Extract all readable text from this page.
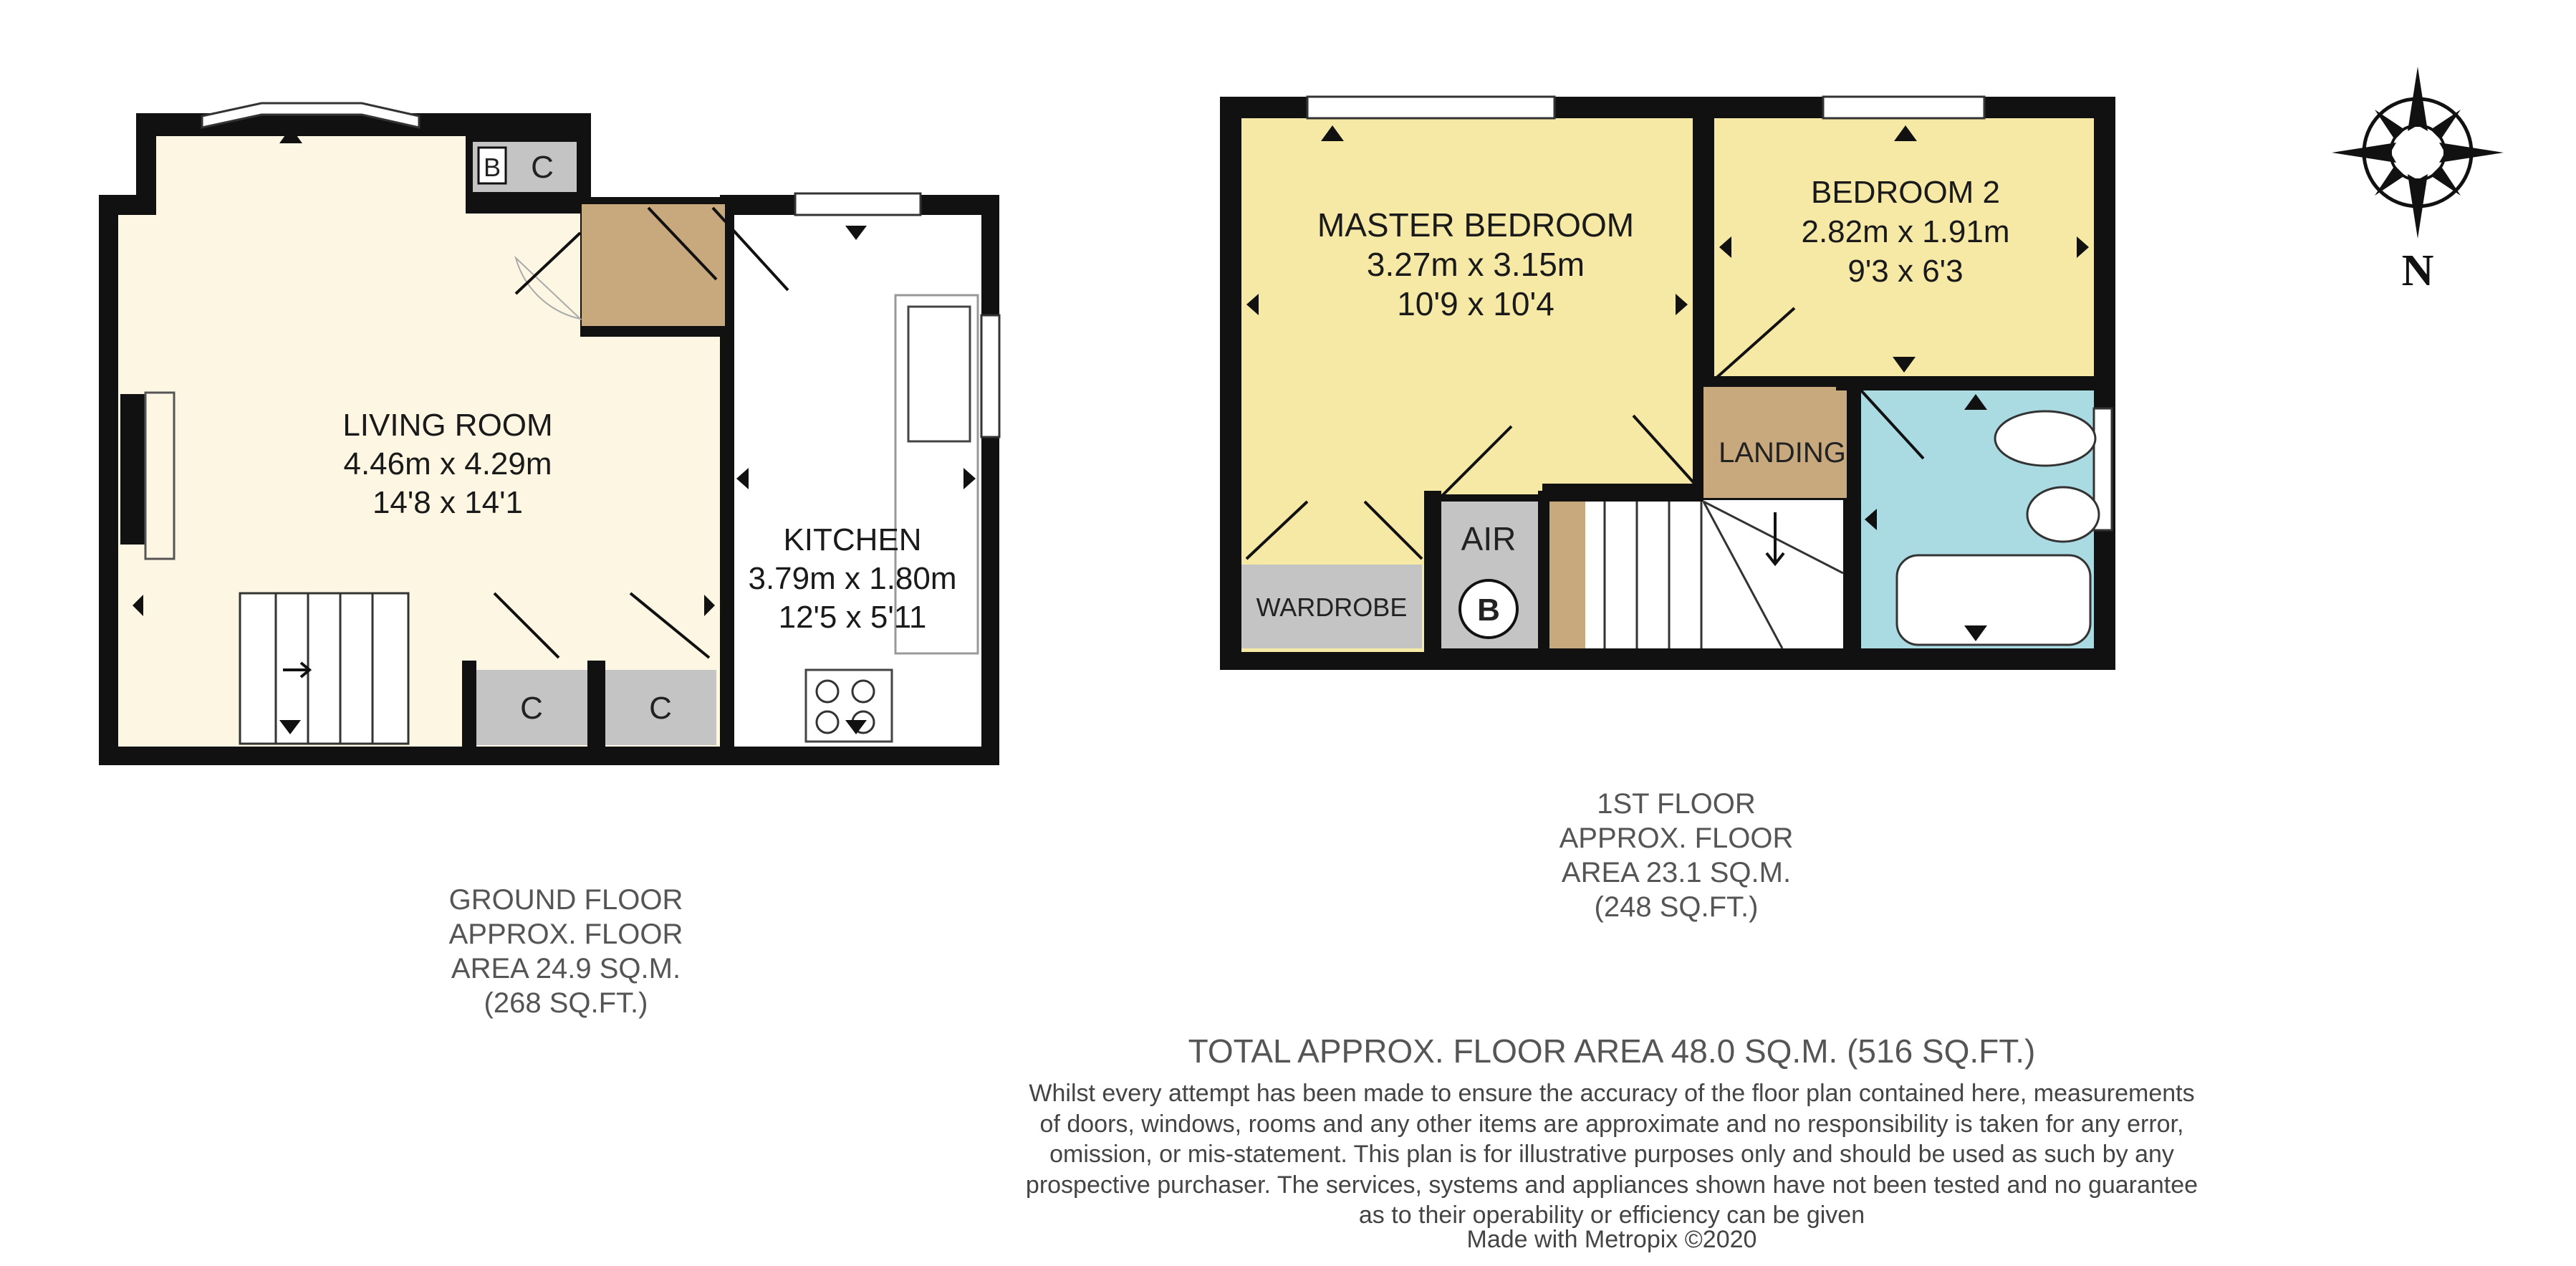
LIVING ROOM
4.46m x 4.29m
14'8 x 14'1
KITCHEN
3.79m x 1.80m
12'5 x 5'11
B C
C	C
MASTER BEDROOM
3.27m x 3.15m
10'9 x 10'4
BEDROOM 2
2.82m x 1.91m
9'3 x 6'3
LANDING
AIR
B
WARDROBE
N
GROUND FLOOR
APPROX. FLOOR
AREA 24.9 SQ.M.
(268 SQ.FT.)
1ST FLOOR
APPROX. FLOOR
AREA 23.1 SQ.M.
(248 SQ.FT.)
TOTAL APPROX. FLOOR AREA 48.0 SQ.M. (516 SQ.FT.)
Whilst every attempt has been made to ensure the accuracy of the floor plan contained here, measurements
of doors, windows, rooms and any other items are approximate and no responsibility is taken for any error,
omission, or mis-statement. This plan is for illustrative purposes only and should be used as such by any
prospective purchaser. The services, systems and appliances shown have not been tested and no guarantee
as to their operability or efficiency can be given
Made with Metropix ©2020
